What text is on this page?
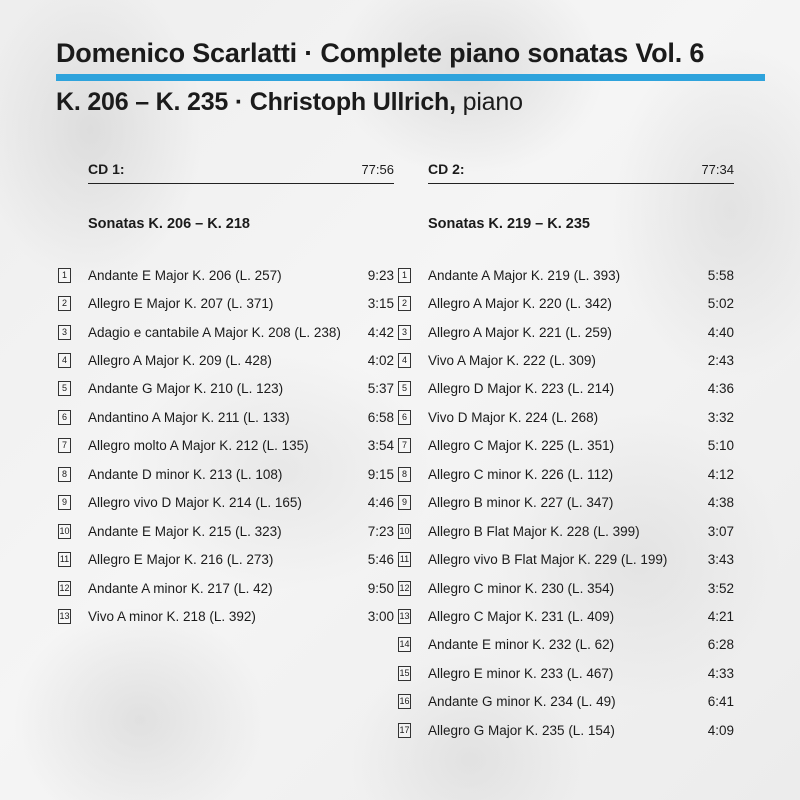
Domenico Scarlatti · Complete piano sonatas Vol. 6
K. 206 – K. 235 · Christoph Ullrich, piano
CD 1:	77:56
Sonatas K. 206 – K. 218
1 Andante E Major K. 206 (L. 257)	9:23
2 Allegro E Major K. 207 (L. 371)	3:15
3 Adagio e cantabile A Major K. 208 (L. 238)	4:42
4 Allegro A Major K. 209 (L. 428)	4:02
5 Andante G Major K. 210 (L. 123)	5:37
6 Andantino A Major K. 211 (L. 133)	6:58
7 Allegro molto A Major K. 212 (L. 135)	3:54
8 Andante D minor K. 213 (L. 108)	9:15
9 Allegro vivo D Major K. 214 (L. 165)	4:46
10 Andante E Major K. 215 (L. 323)	7:23
11 Allegro E Major K. 216 (L. 273)	5:46
12 Andante A minor K. 217 (L. 42)	9:50
13 Vivo A minor K. 218 (L. 392)	3:00
CD 2:	77:34
Sonatas K. 219 – K. 235
1 Andante A Major K. 219 (L. 393)	5:58
2 Allegro A Major K. 220 (L. 342)	5:02
3 Allegro A Major K. 221 (L. 259)	4:40
4 Vivo A Major K. 222 (L. 309)	2:43
5 Allegro D Major K. 223 (L. 214)	4:36
6 Vivo D Major K. 224 (L. 268)	3:32
7 Allegro C Major K. 225 (L. 351)	5:10
8 Allegro C minor K. 226 (L. 112)	4:12
9 Allegro B minor K. 227 (L. 347)	4:38
10 Allegro B Flat Major K. 228 (L. 399)	3:07
11 Allegro vivo B Flat Major K. 229 (L. 199)	3:43
12 Allegro C minor K. 230 (L. 354)	3:52
13 Allegro C Major K. 231 (L. 409)	4:21
14 Andante E minor K. 232 (L. 62)	6:28
15 Allegro E minor K. 233 (L. 467)	4:33
16 Andante G minor K. 234 (L. 49)	6:41
17 Allegro G Major K. 235 (L. 154)	4:09
